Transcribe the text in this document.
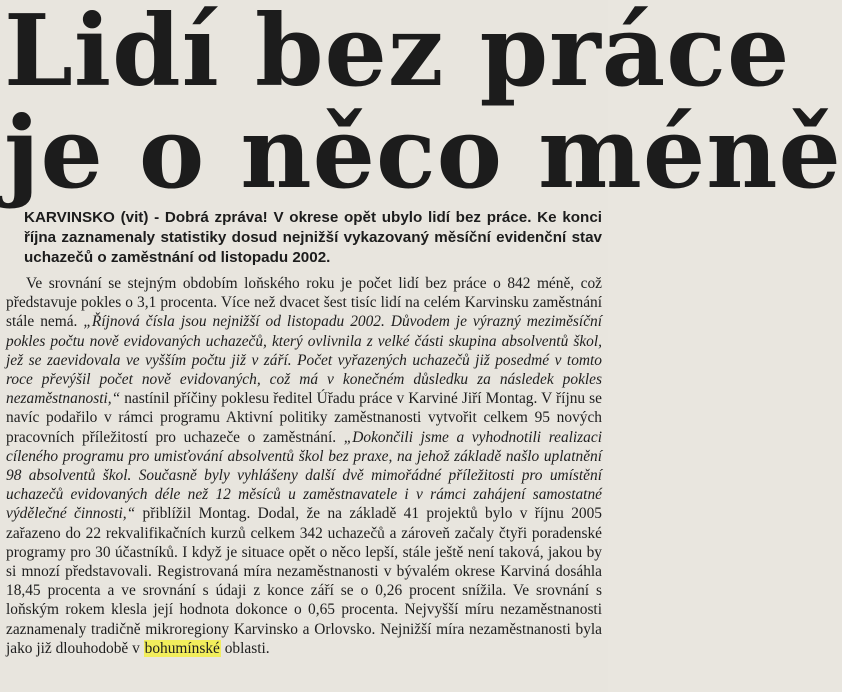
Lidí bez práce
je o něco méně

KARVINSKO (vit) - Dobrá zpráva! V okrese opět ubylo lidí bez práce. Ke konci října zaznamenaly statistiky dosud nejnižší vykazovaný měsíční evidenční stav uchazečů o zaměstnání od listopadu 2002.

Ve srovnání se stejným obdobím loňského roku je počet lidí bez práce o 842 méně, což představuje pokles o 3,1 procenta. Více než dvacet šest tisíc lidí na celém Karvinsku zaměstnání stále nemá. „Říjnová čísla jsou nejnižší od listopadu 2002. Důvodem je výrazný meziměsíční pokles počtu nově evidovaných uchazečů, který ovlivnila z velké části skupina absolventů škol, jež se zaevidovala ve vyšším počtu již v září. Počet vyřazených uchazečů již posedmé v tomto roce převýšil počet nově evidovaných, což má v konečném důsledku za následek pokles nezaměstnanosti,“ nastínil příčiny poklesu ředitel Úřadu práce v Karviné Jiří Montag. V říjnu se navíc podařilo v rámci programu Aktivní politiky zaměstnanosti vytvořit celkem 95 nových pracovních příležitostí pro uchazeče o zaměstnání. „Dokončili jsme a vyhodnotili realizaci cíleného programu pro umisťování absolventů škol bez praxe, na jehož základě našlo uplatnění 98 absolventů škol. Současně byly vyhlášeny další dvě mimořádné příležitosti pro umístění uchazečů evidovaných déle než 12 měsíců u zaměstnavatele i v rámci zahájení samostatné výdělečné činnosti,“ přiblížil Montag. Dodal, že na základě 41 projektů bylo v říjnu 2005 zařazeno do 22 rekvalifikačních kurzů celkem 342 uchazečů a zároveň začaly čtyři poradenské programy pro 30 účastníků. I když je situace opět o něco lepší, stále ještě není taková, jakou by si mnozí představovali. Registrovaná míra nezaměstnanosti v bývalém okrese Karviná dosáhla 18,45 procenta a ve srovnání s údaji z konce září se o 0,26 procent snížila. Ve srovnání s loňským rokem klesla její hodnota dokonce o 0,65 procenta. Nejvyšší míru nezaměstnanosti zaznamenaly tradičně mikroregiony Karvinsko a Orlovsko. Nejnižší míra nezaměstnanosti byla jako již dlouhodobě v bohumínské oblasti.
